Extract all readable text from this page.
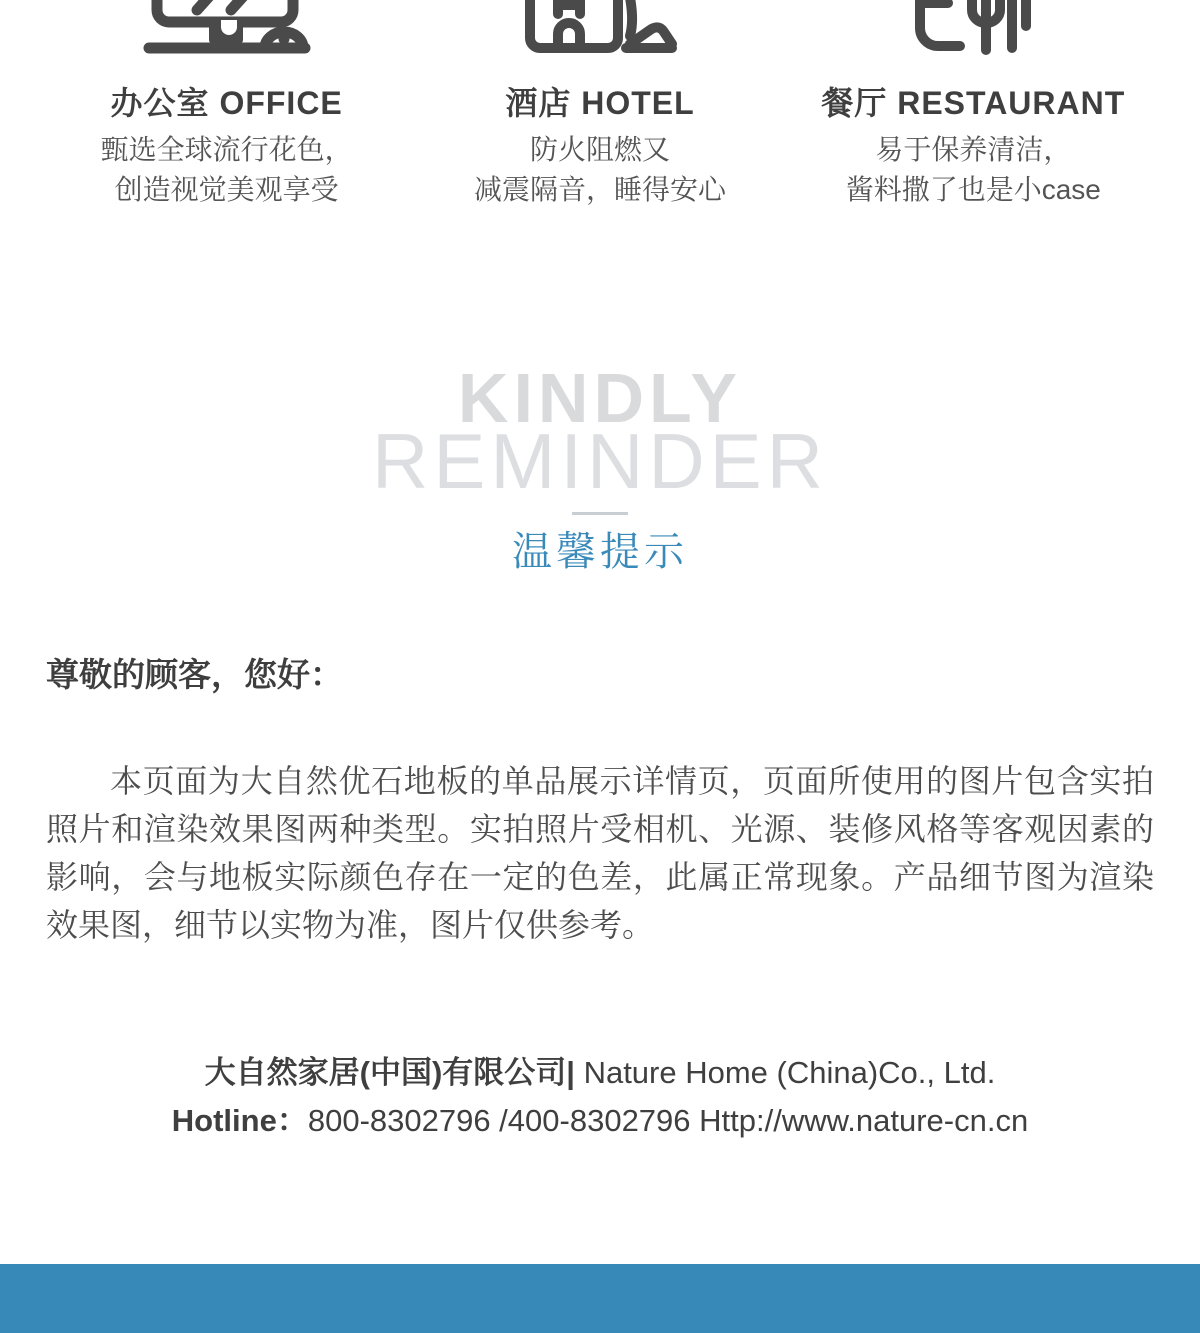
办公室 OFFICE

甄选全球流行花色，
创造视觉美观享受

酒店 HOTEL

防火阻燃又
减震隔音，睡得安心

餐厅 RESTAURANT

易于保养清洁，
酱料撒了也是小case

KINDLY
REMINDER
温馨提示
尊敬的顾客，您好：

本页面为大自然优石地板的单品展示详情页，页面所使用的图片包含实拍照片和渲染效果图两种类型。实拍照片受相机、光源、装修风格等客观因素的影响，会与地板实际颜色存在一定的色差，此属正常现象。产品细节图为渲染效果图，细节以实物为准，图片仅供参考。

大自然家居(中国)有限公司| Nature Home (China)Co., Ltd.

Hotline：800-8302796 /400-8302796 Http://www.nature-cn.cn
